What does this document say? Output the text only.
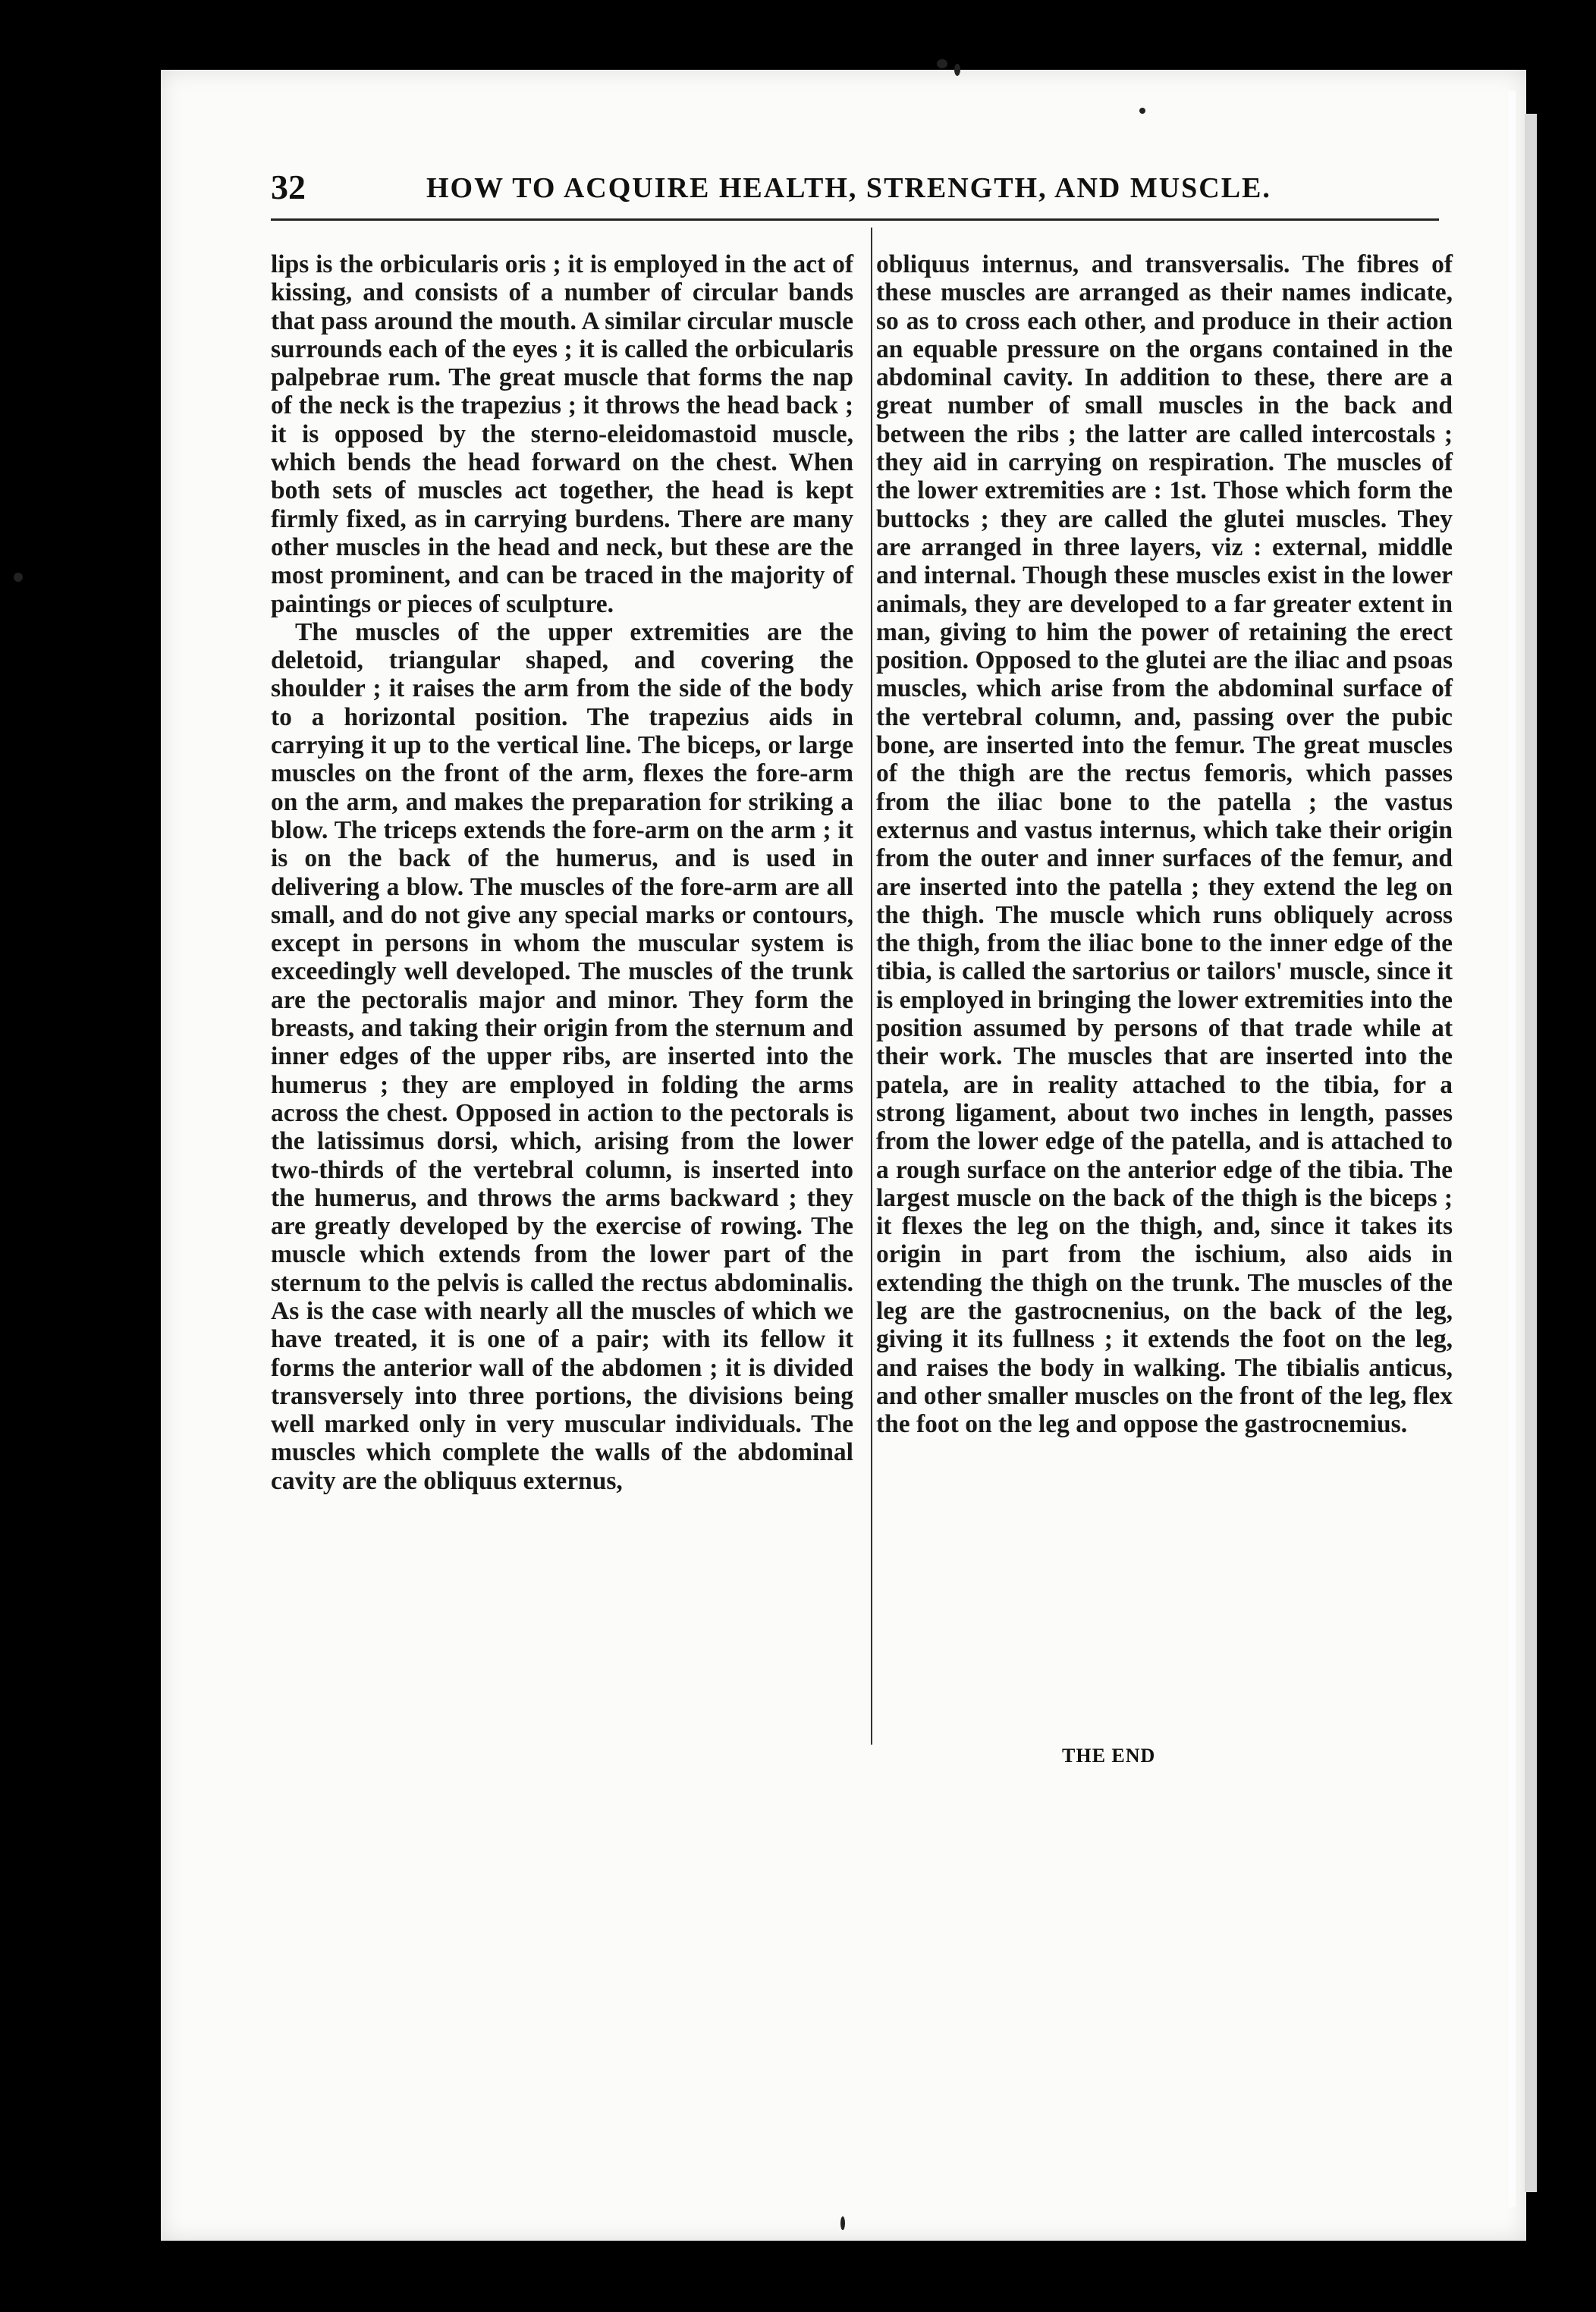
32	HOW TO ACQUIRE HEALTH, STRENGTH, AND MUSCLE.

lips is the orbicularis oris ; it is employed in the act of kissing, and consists of a number of circular bands that pass around the mouth. A similar circular muscle surrounds each of the eyes ; it is called the orbicularis palpebrae rum. The great muscle that forms the nap of the neck is the trapezius ; it throws the head back ; it is opposed by the sterno-eleidomastoid muscle, which bends the head forward on the chest. When both sets of muscles act together, the head is kept firmly fixed, as in carrying burdens. There are many other muscles in the head and neck, but these are the most prominent, and can be traced in the majority of paintings or pieces of sculpture.

The muscles of the upper extremities are the deletoid, triangular shaped, and covering the shoulder ; it raises the arm from the side of the body to a horizontal position. The trapezius aids in carrying it up to the vertical line. The biceps, or large muscles on the front of the arm, flexes the fore-arm on the arm, and makes the preparation for striking a blow. The triceps extends the fore-arm on the arm ; it is on the back of the humerus, and is used in delivering a blow. The muscles of the fore-arm are all small, and do not give any special marks or contours, except in persons in whom the muscular system is exceedingly well developed. The muscles of the trunk are the pectoralis major and minor. They form the breasts, and taking their origin from the sternum and inner edges of the upper ribs, are inserted into the humerus ; they are employed in folding the arms across the chest. Opposed in action to the pectorals is the latissimus dorsi, which, arising from the lower two-thirds of the vertebral column, is inserted into the humerus, and throws the arms backward ; they are greatly developed by the exercise of rowing. The muscle which extends from the lower part of the sternum to the pelvis is called the rectus abdominalis. As is the case with nearly all the muscles of which we have treated, it is one of a pair; with its fellow it forms the anterior wall of the abdomen ; it is divided transversely into three portions, the divisions being well marked only in very muscular individuals. The muscles which complete the walls of the abdominal cavity are the obliquus externus,

obliquus internus, and transversalis. The fibres of these muscles are arranged as their names indicate, so as to cross each other, and produce in their action an equable pressure on the organs contained in the abdominal cavity. In addition to these, there are a great number of small muscles in the back and between the ribs ; the latter are called intercostals ; they aid in carrying on respiration. The muscles of the lower extremities are : 1st. Those which form the buttocks ; they are called the glutei muscles. They are arranged in three layers, viz : external, middle and internal. Though these muscles exist in the lower animals, they are developed to a far greater extent in man, giving to him the power of retaining the erect position. Opposed to the glutei are the iliac and psoas muscles, which arise from the abdominal surface of the vertebral column, and, passing over the pubic bone, are inserted into the femur. The great muscles of the thigh are the rectus femoris, which passes from the iliac bone to the patella ; the vastus externus and vastus internus, which take their origin from the outer and inner surfaces of the femur, and are inserted into the patella ; they extend the leg on the thigh. The muscle which runs obliquely across the thigh, from the iliac bone to the inner edge of the tibia, is called the sartorius or tailors' muscle, since it is employed in bringing the lower extremities into the position assumed by persons of that trade while at their work. The muscles that are inserted into the patela, are in reality attached to the tibia, for a strong ligament, about two inches in length, passes from the lower edge of the patella, and is attached to a rough surface on the anterior edge of the tibia. The largest muscle on the back of the thigh is the biceps ; it flexes the leg on the thigh, and, since it takes its origin in part from the ischium, also aids in extending the thigh on the trunk. The muscles of the leg are the gastrocnenius, on the back of the leg, giving it its fullness ; it extends the foot on the leg, and raises the body in walking. The tibialis anticus, and other smaller muscles on the front of the leg, flex the foot on the leg and oppose the gastrocnemius.

THE END
